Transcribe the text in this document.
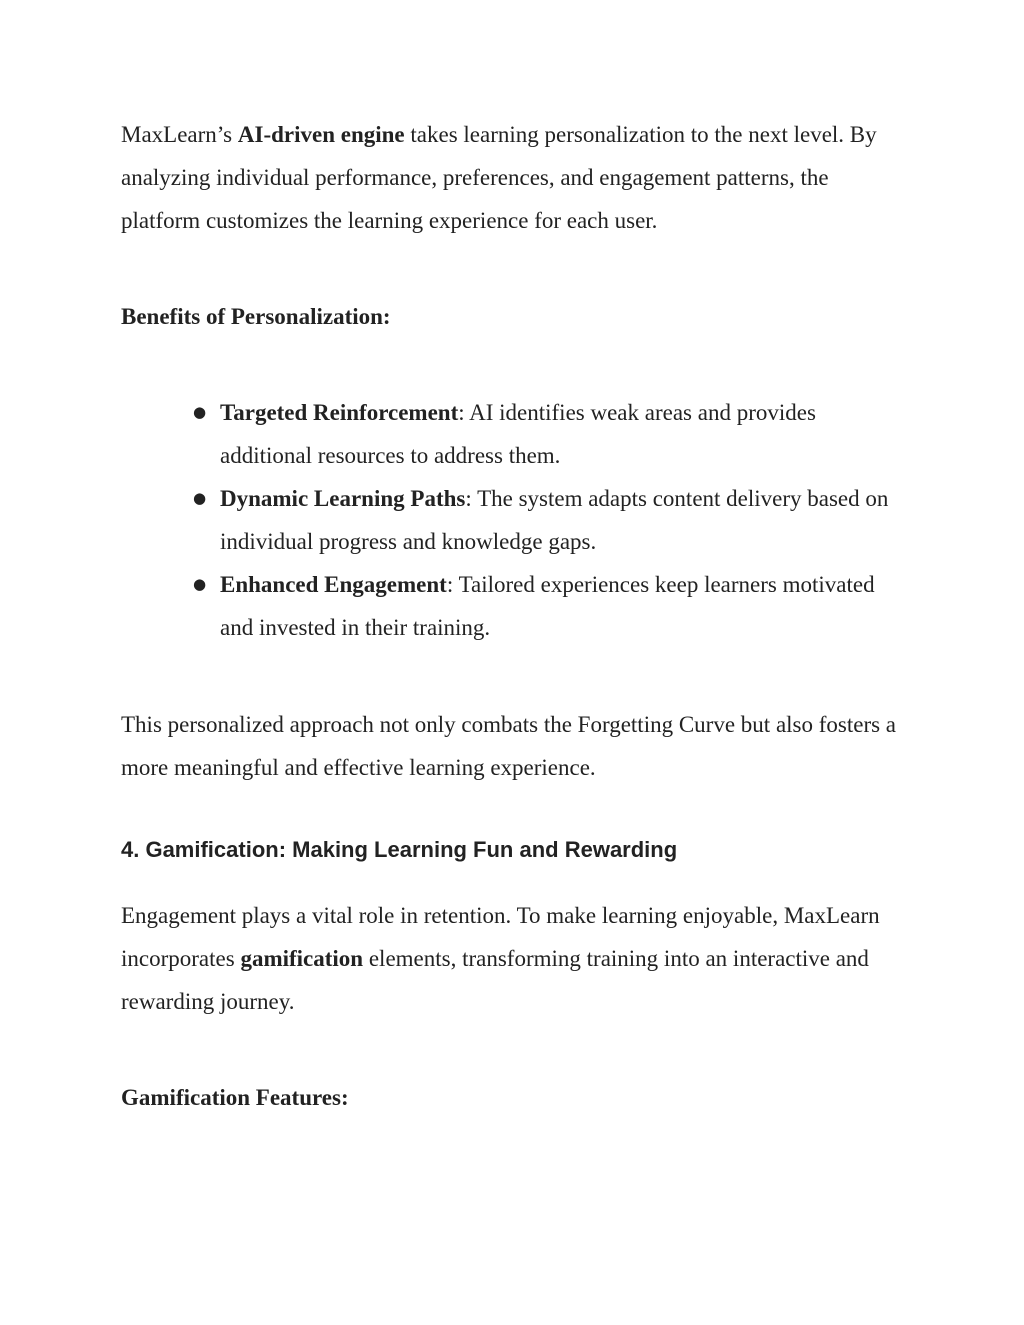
MaxLearn’s AI-driven engine takes learning personalization to the next level. By analyzing individual performance, preferences, and engagement patterns, the platform customizes the learning experience for each user.

Benefits of Personalization:

● Targeted Reinforcement: AI identifies weak areas and provides additional resources to address them.
● Dynamic Learning Paths: The system adapts content delivery based on individual progress and knowledge gaps.
● Enhanced Engagement: Tailored experiences keep learners motivated and invested in their training.

This personalized approach not only combats the Forgetting Curve but also fosters a more meaningful and effective learning experience.

4. Gamification: Making Learning Fun and Rewarding

Engagement plays a vital role in retention. To make learning enjoyable, MaxLearn incorporates gamification elements, transforming training into an interactive and rewarding journey.

Gamification Features:
